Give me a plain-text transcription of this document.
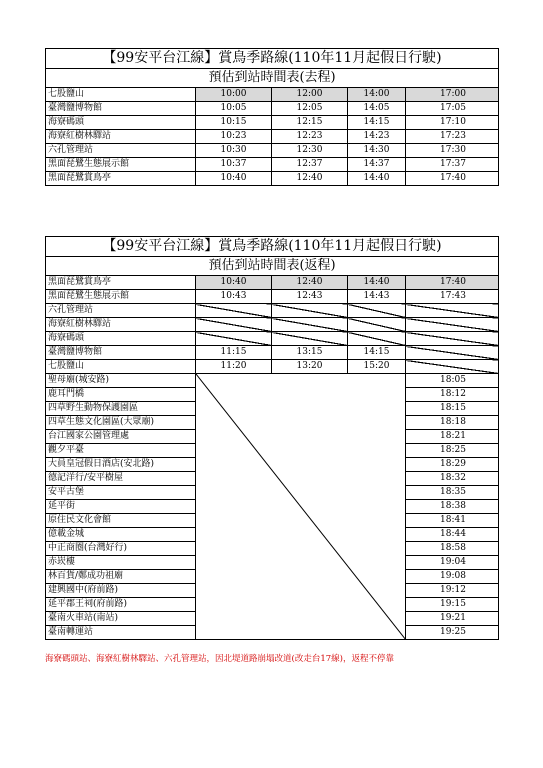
【99安平台江線】賞鳥季路線(110年11月起假日行駛)				
預估到站時間表(去程)				
七股鹽山	10:00	12:00	14:00	17:00
臺灣鹽博物館	10:05	12:05	14:05	17:05
海寮碼頭	10:15	12:15	14:15	17:10
海寮紅樹林驛站	10:23	12:23	14:23	17:23
六孔管理站	10:30	12:30	14:30	17:30
黑面琵鷺生態展示館	10:37	12:37	14:37	17:37
黑面琵鷺賞鳥亭	10:40	12:40	14:40	17:40
【99安平台江線】賞鳥季路線(110年11月起假日行駛)				
預估到站時間表(返程)				
黑面琵鷺賞鳥亭	10:40	12:40	14:40	17:40
黑面琵鷺生態展示館	10:43	12:43	14:43	17:43
六孔管理站				
海寮紅樹林驛站				
海寮碼頭				
臺灣鹽博物館	11:15	13:15	14:15	
七股鹽山	11:20	13:20	15:20	
聖母廟(城安路)				18:05
鹿耳門橋				18:12
四草野生動物保護園區				18:15
四草生態文化園區(大眾廟)				18:18
台江國家公園管理處				18:21
觀夕平臺				18:25
大員皇冠假日酒店(安北路)				18:29
德記洋行/安平樹屋				18:32
安平古堡				18:35
延平街				18:38
原住民文化會館				18:41
億載金城				18:44
中正商圈(台灣好行)				18:58
赤崁樓				19:04
林百貨/鄭成功祖廟				19:08
建興國中(府前路)				19:12
延平郡王祠(府前路)				19:15
臺南火車站(南站)				19:21
臺南轉運站				19:25
海寮碼頭站、海寮紅樹林驛站、六孔管理站，因北堤道路崩塌改道(改走台17線)，返程不停靠
